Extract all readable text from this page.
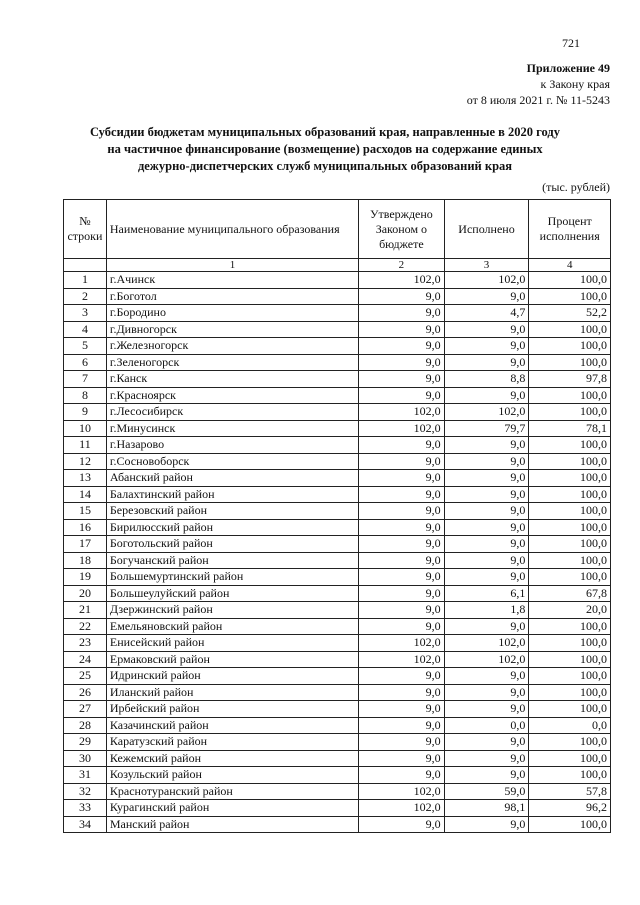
721
Приложение 49
к Закону края
от 8 июля 2021 г. № 11-5243
Субсидии бюджетам муниципальных образований края, направленные в 2020 году
на частичное финансирование (возмещение) расходов на содержание единых
дежурно-диспетчерских служб муниципальных образований края
(тыс. рублей)
№ строки	Наименование муниципального образования	Утверждено Законом о бюджете	Исполнено	Процент исполнения
	1	2	3	4
1	г.Ачинск	102,0	102,0	100,0
2	г.Боготол	9,0	9,0	100,0
3	г.Бородино	9,0	4,7	52,2
4	г.Дивногорск	9,0	9,0	100,0
5	г.Железногорск	9,0	9,0	100,0
6	г.Зеленогорск	9,0	9,0	100,0
7	г.Канск	9,0	8,8	97,8
8	г.Красноярск	9,0	9,0	100,0
9	г.Лесосибирск	102,0	102,0	100,0
10	г.Минусинск	102,0	79,7	78,1
11	г.Назарово	9,0	9,0	100,0
12	г.Сосновоборск	9,0	9,0	100,0
13	Абанский район	9,0	9,0	100,0
14	Балахтинский район	9,0	9,0	100,0
15	Березовский район	9,0	9,0	100,0
16	Бирилюсский район	9,0	9,0	100,0
17	Боготольский район	9,0	9,0	100,0
18	Богучанский район	9,0	9,0	100,0
19	Большемуртинский район	9,0	9,0	100,0
20	Большеулуйский район	9,0	6,1	67,8
21	Дзержинский район	9,0	1,8	20,0
22	Емельяновский район	9,0	9,0	100,0
23	Енисейский район	102,0	102,0	100,0
24	Ермаковский район	102,0	102,0	100,0
25	Идринский район	9,0	9,0	100,0
26	Иланский район	9,0	9,0	100,0
27	Ирбейский район	9,0	9,0	100,0
28	Казачинский район	9,0	0,0	0,0
29	Каратузский район	9,0	9,0	100,0
30	Кежемский район	9,0	9,0	100,0
31	Козульский район	9,0	9,0	100,0
32	Краснотуранский район	102,0	59,0	57,8
33	Курагинский район	102,0	98,1	96,2
34	Манский район	9,0	9,0	100,0
